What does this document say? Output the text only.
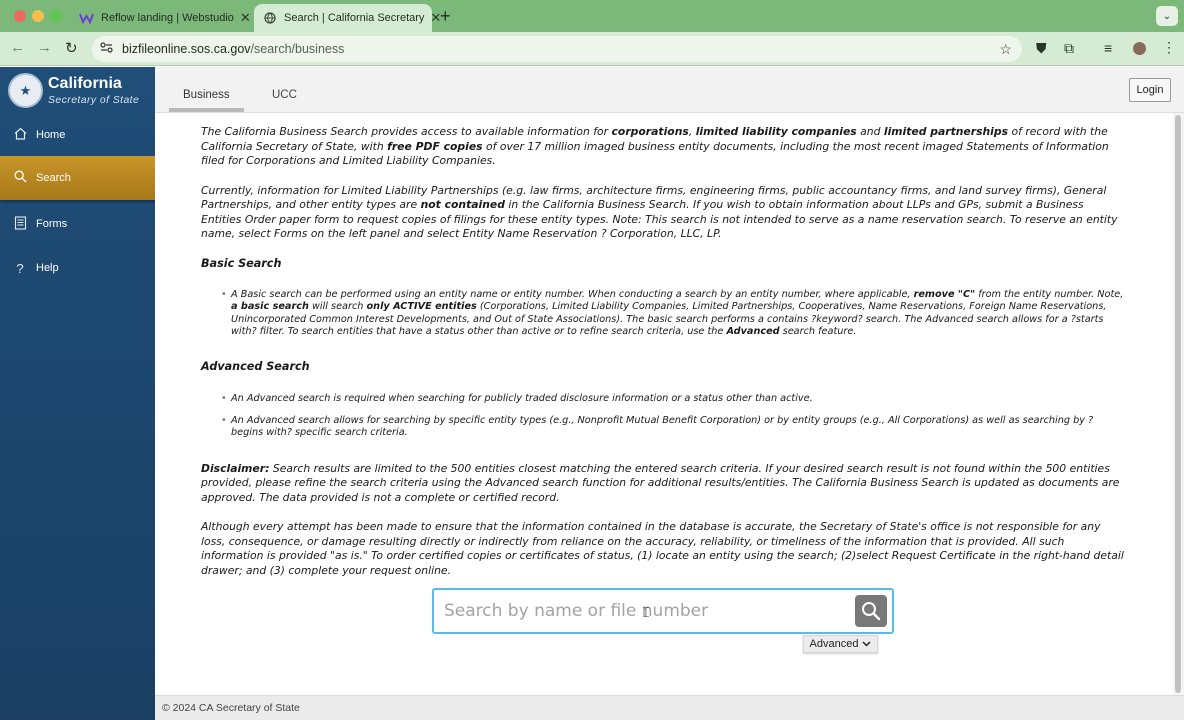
Reflow landing | Webstudio ✕	Search | California Secretary ✕
+	⌄
← → ↻	bizfileonline.sos.ca.gov /search/business	☆ ⛊ ⧉ ≡	⋮
★	California
Secretary of State
Home
Search
Forms
?	Help
Business	UCC	Login

The California Business Search provides access to available information for corporations, limited liability companies and limited partnerships of record with the California Secretary of State, with free PDF copies of over 17 million imaged business entity documents, including the most recent imaged Statements of Information filed for Corporations and Limited Liability Companies.

Currently, information for Limited Liability Partnerships (e.g. law firms, architecture firms, engineering firms, public accountancy firms, and land survey firms), General Partnerships, and other entity types are not contained in the California Business Search. If you wish to obtain information about LLPs and GPs, submit a Business Entities Order paper form to request copies of filings for these entity types. Note: This search is not intended to serve as a name reservation search. To reserve an entity name, select Forms on the left panel and select Entity Name Reservation ? Corporation, LLC, LP.

Basic Search
• A Basic search can be performed using an entity name or entity number. When conducting a search by an entity number, where applicable, remove "C" from the entity number. Note, a basic search will search only ACTIVE entities (Corporations, Limited Liability Companies, Limited Partnerships, Cooperatives, Name Reservations, Foreign Name Reservations, Unincorporated Common Interest Developments, and Out of State Associations). The basic search performs a contains ?keyword? search. The Advanced search allows for a ?starts with? filter. To search entities that have a status other than active or to refine search criteria, use the Advanced search feature.
Advanced Search
• An Advanced search is required when searching for publicly traded disclosure information or a status other than active.
• An Advanced search allows for searching by specific entity types (e.g., Nonprofit Mutual Benefit Corporation) or by entity groups (e.g., All Corporations) as well as searching by ?begins with? specific search criteria.

Disclaimer: Search results are limited to the 500 entities closest matching the entered search criteria. If your desired search result is not found within the 500 entities provided, please refine the search criteria using the Advanced search function for additional results/entities. The California Business Search is updated as documents are approved. The data provided is not a complete or certified record.

Although every attempt has been made to ensure that the information contained in the database is accurate, the Secretary of State's office is not responsible for any loss, consequence, or damage resulting directly or indirectly from reliance on the accuracy, reliability, or timeliness of the information that is provided. All such information is provided "as is." To order certified copies or certificates of status, (1) locate an entity using the search; (2)select Request Certificate in the right-hand detail drawer; and (3) complete your request online.

Search by name or file number
𝙸
Advanced
© 2024 CA Secretary of State
